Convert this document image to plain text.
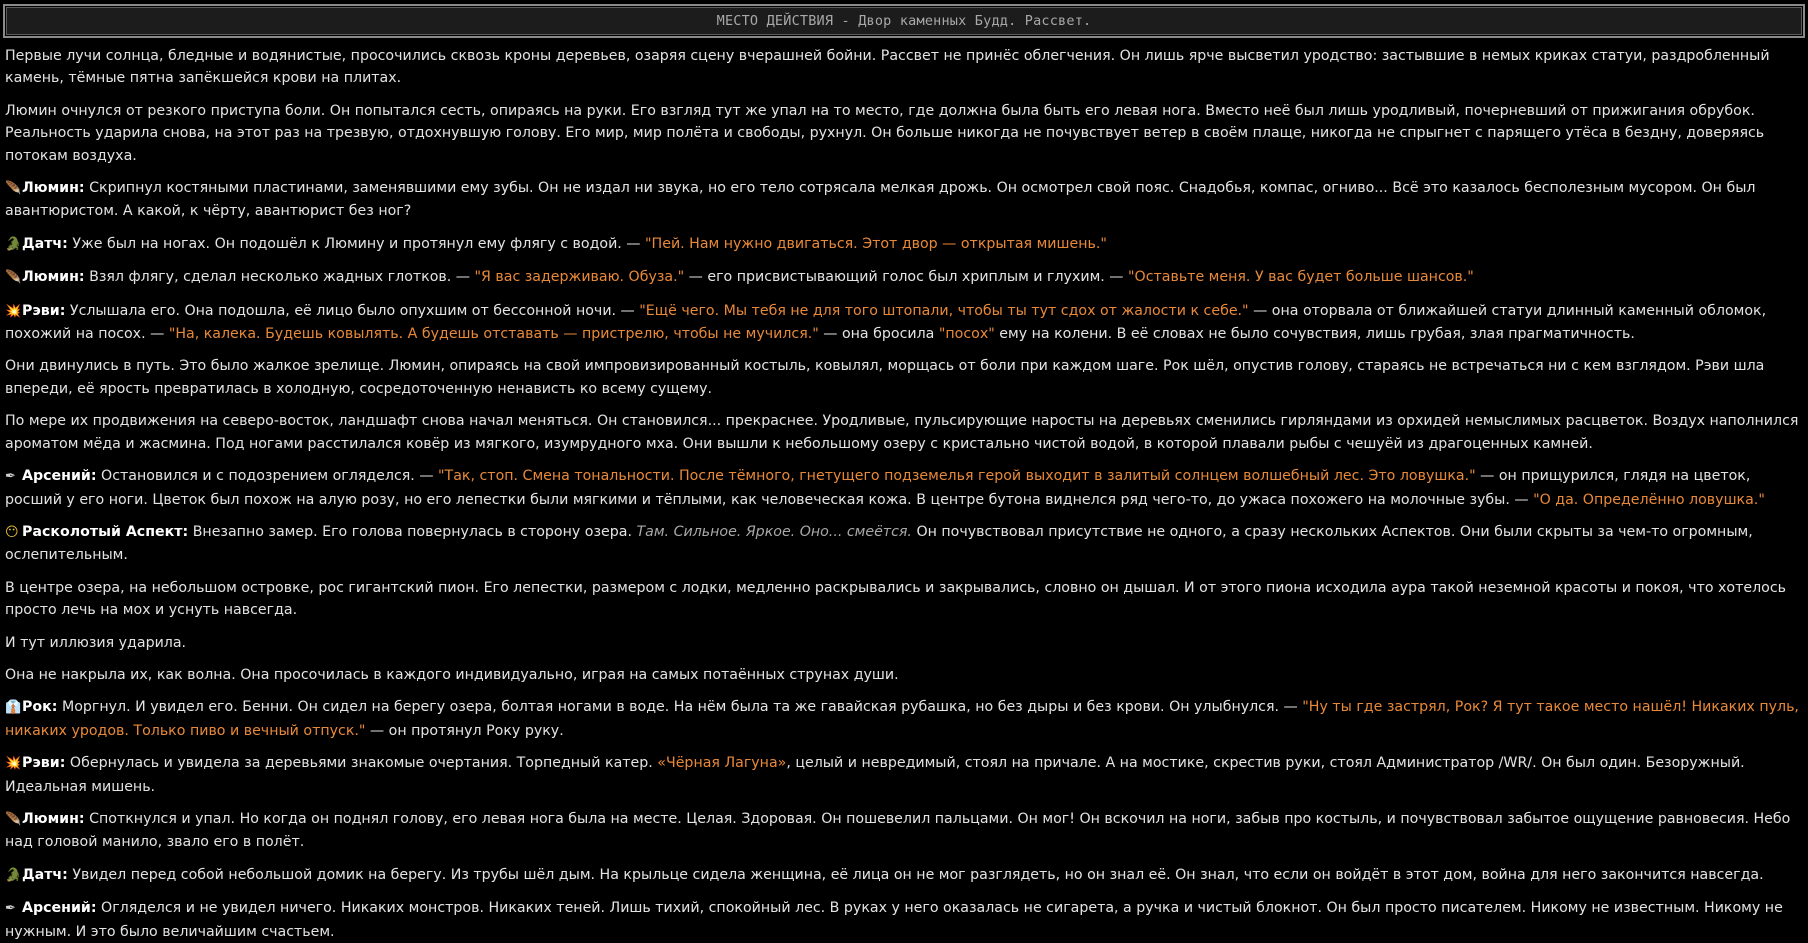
МЕСТО ДЕЙСТВИЯ - Двор каменных Будд. Рассвет.

Первые лучи солнца, бледные и водянистые, просочились сквозь кроны деревьев, озаряя сцену вчерашней бойни. Рассвет не принёс облегчения. Он лишь ярче высветил уродство: застывшие в немых криках статуи, раздробленный камень, тёмные пятна запёкшейся крови на плитах.

Люмин очнулся от резкого приступа боли. Он попытался сесть, опираясь на руки. Его взгляд тут же упал на то место, где должна была быть его левая нога. Вместо неё был лишь уродливый, почерневший от прижигания обрубок. Реальность ударила снова, на этот раз на трезвую, отдохнувшую голову. Его мир, мир полёта и свободы, рухнул. Он больше никогда не почувствует ветер в своём плаще, никогда не спрыгнет с парящего утёса в бездну, доверяясь потокам воздуха.

🪶Люмин: Скрипнул костяными пластинами, заменявшими ему зубы. Он не издал ни звука, но его тело сотрясала мелкая дрожь. Он осмотрел свой пояс. Снадобья, компас, огниво... Всё это казалось бесполезным мусором. Он был авантюристом. А какой, к чёрту, авантюрист без ног?

🐊Датч: Уже был на ногах. Он подошёл к Люмину и протянул ему флягу с водой. — "Пей. Нам нужно двигаться. Этот двор — открытая мишень."

🪶Люмин: Взял флягу, сделал несколько жадных глотков. — "Я вас задерживаю. Обуза." — его присвистывающий голос был хриплым и глухим. — "Оставьте меня. У вас будет больше шансов."

💥Рэви: Услышала его. Она подошла, её лицо было опухшим от бессонной ночи. — "Ещё чего. Мы тебя не для того штопали, чтобы ты тут сдох от жалости к себе." — она оторвала от ближайшей статуи длинный каменный обломок, похожий на посох. — "На, калека. Будешь ковылять. А будешь отставать — пристрелю, чтобы не мучился." — она бросила "посох" ему на колени. В её словах не было сочувствия, лишь грубая, злая прагматичность.

Они двинулись в путь. Это было жалкое зрелище. Люмин, опираясь на свой импровизированный костыль, ковылял, морщась от боли при каждом шаге. Рок шёл, опустив голову, стараясь не встречаться ни с кем взглядом. Рэви шла впереди, её ярость превратилась в холодную, сосредоточенную ненависть ко всему сущему.

По мере их продвижения на северо-восток, ландшафт снова начал меняться. Он становился... прекраснее. Уродливые, пульсирующие наросты на деревьях сменились гирляндами из орхидей немыслимых расцветок. Воздух наполнился ароматом мёда и жасмина. Под ногами расстилался ковёр из мягкого, изумрудного мха. Они вышли к небольшому озеру с кристально чистой водой, в которой плавали рыбы с чешуёй из драгоценных камней.

✒ Арсений: Остановился и с подозрением огляделся. — "Так, стоп. Смена тональности. После тёмного, гнетущего подземелья герой выходит в залитый солнцем волшебный лес. Это ловушка." — он прищурился, глядя на цветок, росший у его ноги. Цветок был похож на алую розу, но его лепестки были мягкими и тёплыми, как человеческая кожа. В центре бутона виднелся ряд чего-то, до ужаса похожего на молочные зубы. — "О да. Определённо ловушка."

😶 Расколотый Аспект: Внезапно замер. Его голова повернулась в сторону озера. Там. Сильное. Яркое. Оно... смеётся. Он почувствовал присутствие не одного, а сразу нескольких Аспектов. Они были скрыты за чем-то огромным, ослепительным.

В центре озера, на небольшом островке, рос гигантский пион. Его лепестки, размером с лодки, медленно раскрывались и закрывались, словно он дышал. И от этого пиона исходила аура такой неземной красоты и покоя, что хотелось просто лечь на мох и уснуть навсегда.

И тут иллюзия ударила.

Она не накрыла их, как волна. Она просочилась в каждого индивидуально, играя на самых потаённых струнах души.

👔Рок: Моргнул. И увидел его. Бенни. Он сидел на берегу озера, болтая ногами в воде. На нём была та же гавайская рубашка, но без дыры и без крови. Он улыбнулся. — "Ну ты где застрял, Рок? Я тут такое место нашёл! Никаких пуль, никаких уродов. Только пиво и вечный отпуск." — он протянул Року руку.

💥Рэви: Обернулась и увидела за деревьями знакомые очертания. Торпедный катер. «Чёрная Лагуна», целый и невредимый, стоял на причале. А на мостике, скрестив руки, стоял Администратор /WR/. Он был один. Безоружный. Идеальная мишень.

🪶Люмин: Споткнулся и упал. Но когда он поднял голову, его левая нога была на месте. Целая. Здоровая. Он пошевелил пальцами. Он мог! Он вскочил на ноги, забыв про костыль, и почувствовал забытое ощущение равновесия. Небо над головой манило, звало его в полёт.

🐊Датч: Увидел перед собой небольшой домик на берегу. Из трубы шёл дым. На крыльце сидела женщина, её лица он не мог разглядеть, но он знал её. Он знал, что если он войдёт в этот дом, война для него закончится навсегда.

✒ Арсений: Огляделся и не увидел ничего. Никаких монстров. Никаких теней. Лишь тихий, спокойный лес. В руках у него оказалась не сигарета, а ручка и чистый блокнот. Он был просто писателем. Никому не известным. Никому не нужным. И это было величайшим счастьем.
